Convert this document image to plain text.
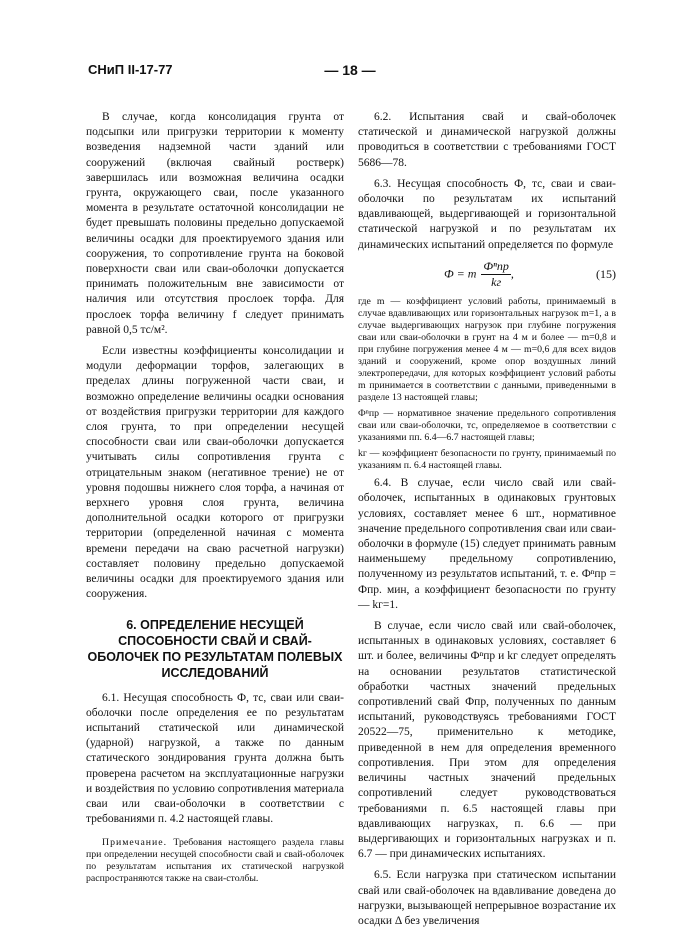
— 18 —
СНиП II-17-77

В случае, когда консолидация грунта от подсыпки или пригрузки территории к моменту возведения надземной части зданий или сооружений (включая свайный ростверк) завершилась или возможная величина осадки грунта, окружающего сваи, после указанного момента в результате остаточной консолидации не будет превышать половины предельно допускаемой величины осадки для проектируемого здания или сооружения, то сопротивление грунта на боковой поверхности сваи или сваи-оболочки допускается принимать положительным вне зависимости от наличия или отсутствия прослоек торфа. Для прослоек торфа величину f следует принимать равной 0,5 тс/м².

Если известны коэффициенты консолидации и модули деформации торфов, залегающих в пределах длины погруженной части сваи, и возможно определение величины осадки основания от воздействия пригрузки территории для каждого слоя грунта, то при определении несущей способности сваи или сваи-оболочки допускается учитывать силы сопротивления грунта с отрицательным знаком (негативное трение) не от уровня подошвы нижнего слоя торфа, а начиная от верхнего уровня слоя грунта, величина дополнительной осадки которого от пригрузки территории (определенной начиная с момента времени передачи на сваю расчетной нагрузки) составляет половину предельно допускаемой величины осадки для проектируемого здания или сооружения.

6. ОПРЕДЕЛЕНИЕ НЕСУЩЕЙ СПОСОБНОСТИ СВАЙ И СВАЙ-ОБОЛОЧЕК ПО РЕЗУЛЬТАТАМ ПОЛЕВЫХ ИССЛЕДОВАНИЙ

6.1. Несущая способность Ф, тс, сваи или сваи-оболочки после определения ее по результатам испытаний статической или динамической (ударной) нагрузкой, а также по данным статического зондирования грунта должна быть проверена расчетом на эксплуатационные нагрузки и воздействия по условию сопротивления материала сваи или сваи-оболочки в соответствии с требованиями п. 4.2 настоящей главы.

Примечание. Требования настоящего раздела главы при определении несущей способности свай и свай-оболочек по результатам испытания их статической нагрузкой распространяются также на сваи-столбы.

6.2. Испытания свай и свай-оболочек статической и динамической нагрузкой должны проводиться в соответствии с требованиями ГОСТ 5686—78.

6.3. Несущая способность Ф, тс, сваи и сваи-оболочки по результатам их испытаний вдавливающей, выдергивающей и горизонтальной статической нагрузкой и по результатам их динамических испытаний определяется по формуле

Ф = m $\frac{\text{Фⁿпр}}{kг}$ ,	(15)

где m — коэффициент условий работы, принимаемый в случае вдавливающих или горизонтальных нагрузок m=1, а в случае выдергивающих нагрузок при глубине погружения сваи или сваи-оболочки в грунт на 4 м и более — m=0,8 и при глубине погружения менее 4 м — m=0,6 для всех видов зданий и сооружений, кроме опор воздушных линий электропередачи, для которых коэффициент условий работы m принимается в соответствии с данными, приведенными в разделе 13 настоящей главы;

Фⁿпр — нормативное значение предельного сопротивления сваи или сваи-оболочки, тс, определяемое в соответствии с указаниями пп. 6.4—6.7 настоящей главы;

kг — коэффициент безопасности по грунту, принимаемый по указаниям п. 6.4 настоящей главы.

6.4. В случае, если число свай или свай-оболочек, испытанных в одинаковых грунтовых условиях, составляет менее 6 шт., нормативное значение предельного сопротивления сваи или сваи-оболочки в формуле (15) следует принимать равным наименьшему предельному сопротивлению, полученному из результатов испытаний, т. е. Фⁿпр = Фпр. мин, а коэффициент безопасности по грунту — kг=1.

В случае, если число свай или свай-оболочек, испытанных в одинаковых условиях, составляет 6 шт. и более, величины Фⁿпр и kг следует определять на основании результатов статистической обработки частных значений предельных сопротивлений свай Фпр, полученных по данным испытаний, руководствуясь требованиями ГОСТ 20522—75, применительно к методике, приведенной в нем для определения временного сопротивления. При этом для определения величины частных значений предельных сопротивлений следует руководствоваться требованиями п. 6.5 настоящей главы при вдавливающих нагрузках, п. 6.6 — при выдергивающих и горизонтальных нагрузках и п. 6.7 — при динамических испытаниях.

6.5. Если нагрузка при статическом испытании свай или свай-оболочек на вдавливание доведена до нагрузки, вызывающей непрерывное возрастание их осадки Δ без увеличения
